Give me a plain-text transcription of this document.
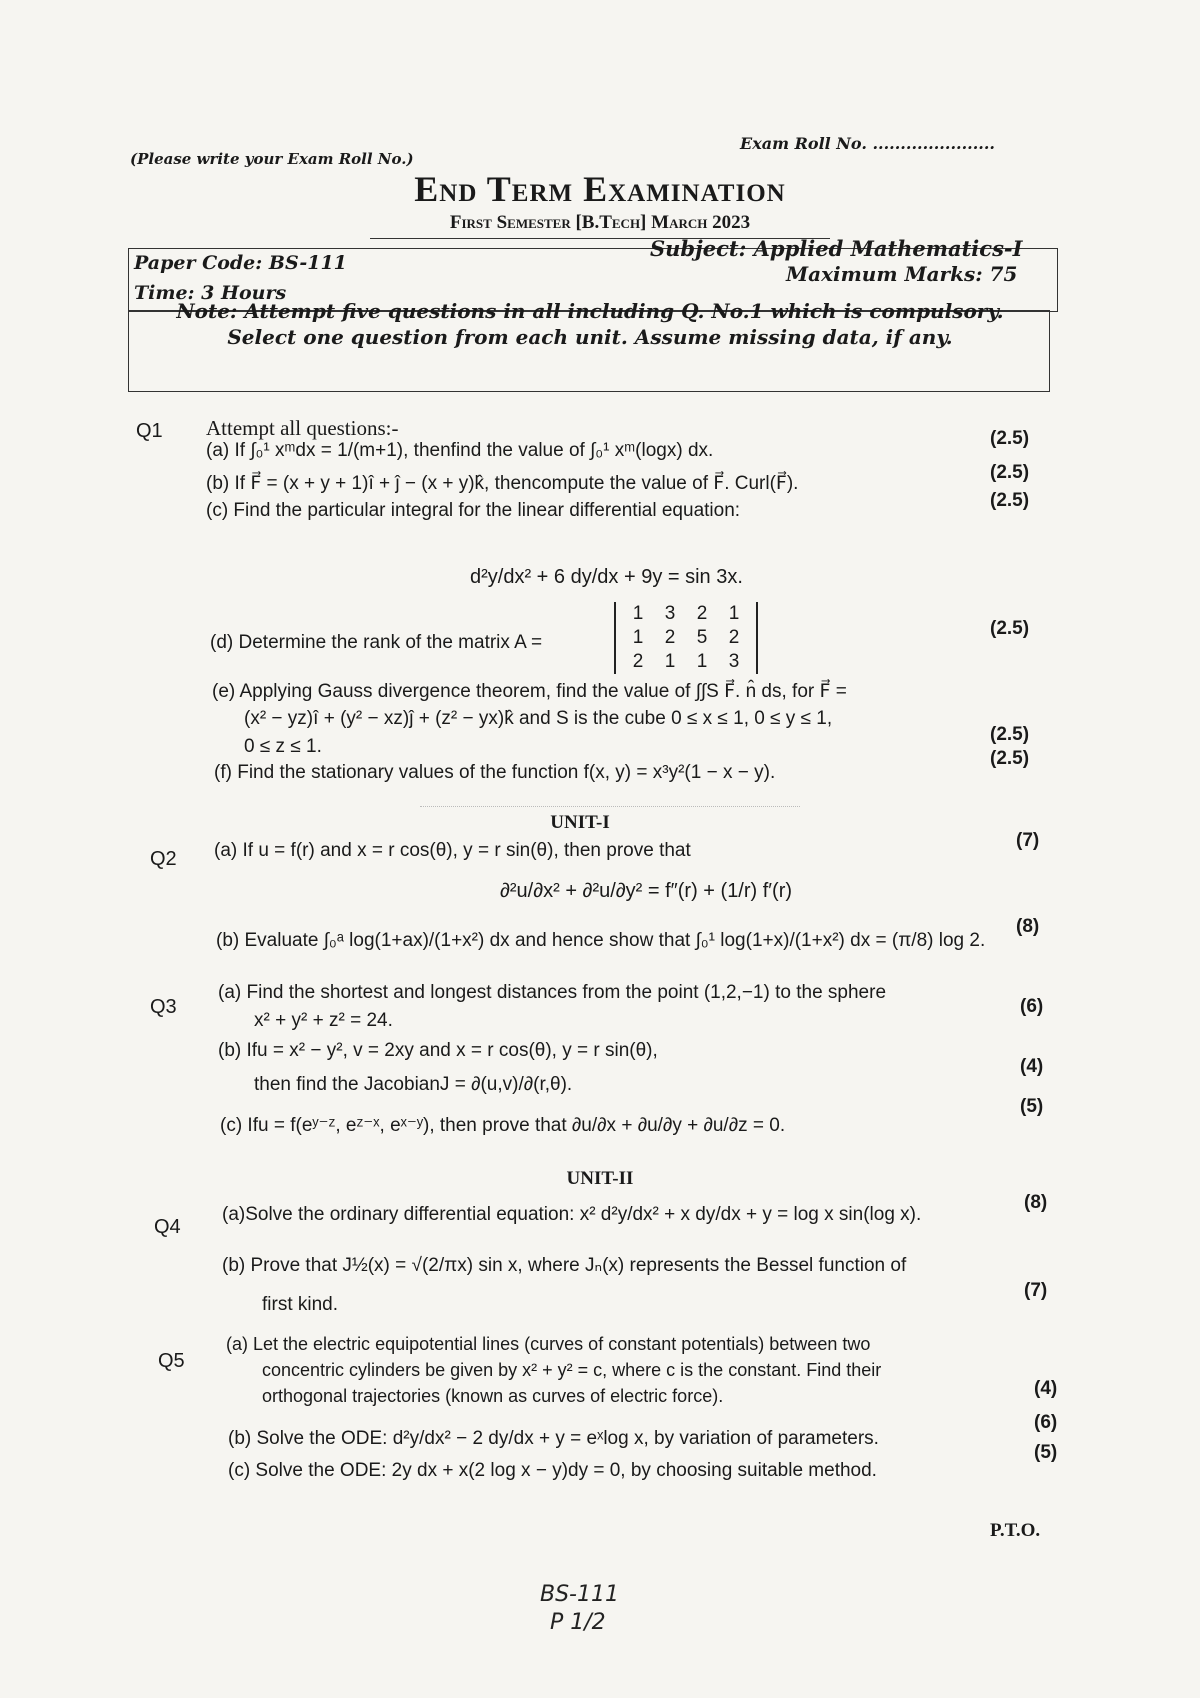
(Please write your Exam Roll No.)
Exam Roll No. ......................
End Term Examination
First Semester [B.Tech] March 2023
Paper Code: BS-111
Subject: Applied Mathematics-I
Time: 3 Hours
Maximum Marks: 75
Note: Attempt five questions in all including Q. No.1 which is compulsory. Select one question from each unit. Assume missing data, if any.
Q1 Attempt all questions:-
(a) If ∫₀¹ xᵐdx = 1/(m+1), thenfind the value of ∫₀¹ xᵐ(logx) dx.
(2.5)
(b) If F⃗ = (x + y + 1)î + ĵ − (x + y)k̂, thencompute the value of F⃗. Curl(F⃗).
(2.5)
(c) Find the particular integral for the linear differential equation:	(2.5)
d²y/dx² + 6 dy/dx + 9y = sin 3x.
(d) Determine the rank of the matrix A =
1 3 2 1
1 2 5 2
2 1 1 3
(2.5)
(e) Applying Gauss divergence theorem, find the value of ∫∫S F⃗. n̂ ds, for F⃗ =
(x² − yz)î + (y² − xz)ĵ + (z² − yx)k̂ and S is the cube 0 ≤ x ≤ 1, 0 ≤ y ≤ 1,
0 ≤ z ≤ 1.
(2.5)
(f) Find the stationary values of the function f(x, y) = x³y²(1 − x − y).
(2.5)
UNIT-I
Q2 (a) If u = f(r) and x = r cos(θ), y = r sin(θ), then prove that	(7)
∂²u/∂x² + ∂²u/∂y² = f″(r) + (1/r) f′(r)
(b) Evaluate ∫₀ᵃ log(1+ax)/(1+x²) dx and hence show that ∫₀¹ log(1+x)/(1+x²) dx = (π/8) log 2.
(8)
Q3
(a) Find the shortest and longest distances from the point (1,2,−1) to the sphere
x² + y² + z² = 24.
(6)
(b) Ifu = x² − y², v = 2xy and x = r cos(θ), y = r sin(θ),
then find the JacobianJ = ∂(u,v)/∂(r,θ).
(4)
(c) Ifu = f(eʸ⁻ᶻ, eᶻ⁻ˣ, eˣ⁻ʸ), then prove that ∂u/∂x + ∂u/∂y + ∂u/∂z = 0.
(5)
UNIT-II
Q4
(a)Solve the ordinary differential equation: x² d²y/dx² + x dy/dx + y = log x sin(log x).
(8)
(b) Prove that J½(x) = √(2/πx) sin x, where Jₙ(x) represents the Bessel function of
first kind.
(7)
Q5
(a) Let the electric equipotential lines (curves of constant potentials) between two
concentric cylinders be given by x² + y² = c, where c is the constant. Find their
orthogonal trajectories (known as curves of electric force).	(4)
(b) Solve the ODE: d²y/dx² − 2 dy/dx + y = eˣlog x, by variation of parameters.
(6)
(c) Solve the ODE: 2y dx + x(2 log x − y)dy = 0, by choosing suitable method.
(5)
P.T.O.
BS-111
P 1/2
